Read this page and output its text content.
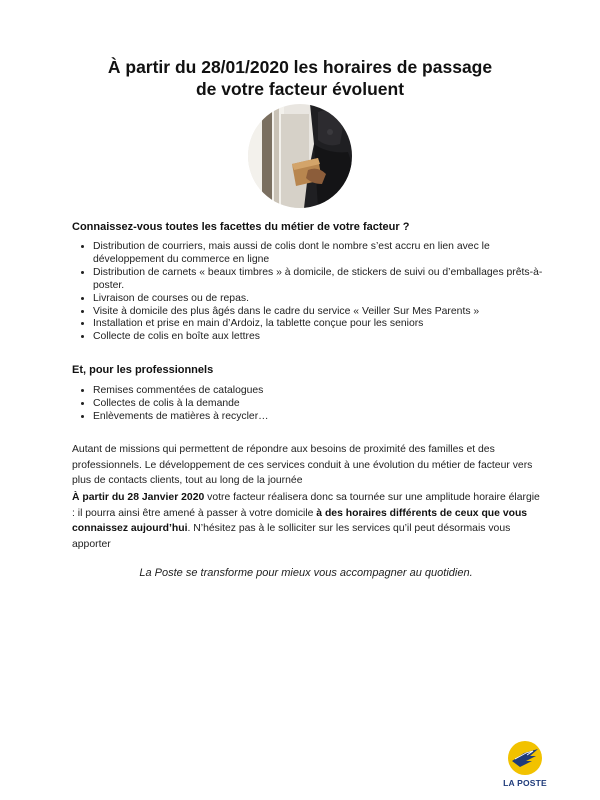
À partir du 28/01/2020 les horaires de passage
de votre facteur évoluent
Connaissez-vous toutes les facettes du métier de votre facteur ?
• Distribution de courriers, mais aussi de colis dont le nombre s’est accru en lien avec le développement du commerce en ligne
• Distribution de carnets « beaux timbres » à domicile, de stickers de suivi ou d’emballages prêts-à-poster.
• Livraison de courses ou de repas.
• Visite à domicile des plus âgés dans le cadre du service « Veiller Sur Mes Parents »
• Installation et prise en main d’Ardoiz, la tablette conçue pour les seniors
• Collecte de colis en boîte aux lettres
Et, pour les professionnels
• Remises commentées de catalogues
• Collectes de colis à la demande
• Enlèvements de matières à recycler…

Autant de missions qui permettent de répondre aux besoins de proximité des familles et des professionnels. Le développement de ces services conduit à une évolution du métier de facteur vers plus de contacts clients, tout au long de la journée

À partir du 28 Janvier 2020 votre facteur réalisera donc sa tournée sur une amplitude horaire élargie : il pourra ainsi être amené à passer à votre domicile à des horaires différents de ceux que vous connaissez aujourd’hui. N’hésitez pas à le solliciter sur les services qu’il peut désormais vous apporter

La Poste se transforme pour mieux vous accompagner au quotidien.
LA POSTE
